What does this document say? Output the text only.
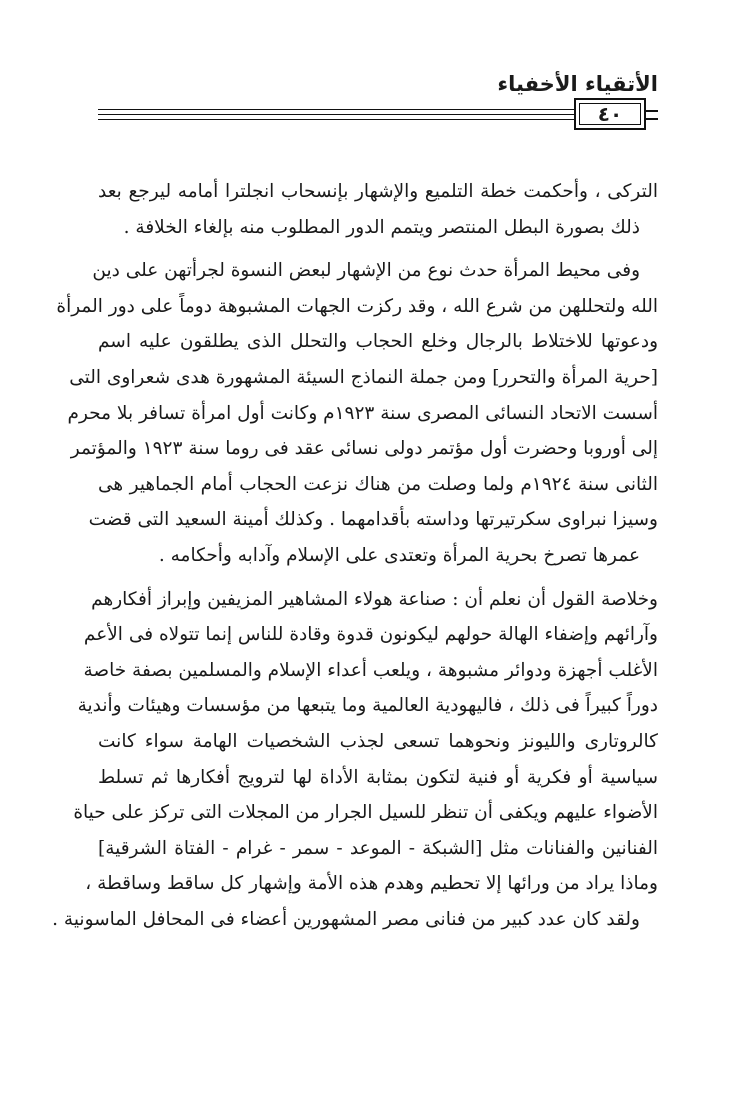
الأتقياء الأخفياء
٤٠
التركى ، وأحكمت خطة التلميع والإشهار بإنسحاب انجلترا أمامه ليرجع بعد
ذلك بصورة البطل المنتصر ويتمم الدور المطلوب منه بإلغاء الخلافة .
وفى محيط المرأة حدث نوع من الإشهار لبعض النسوة لجرأتهن على دين
الله ولتحللهن من شرع الله ، وقد ركزت الجهات المشبوهة دوماً على دور المرأة
ودعوتها للاختلاط بالرجال وخلع الحجاب والتحلل الذى يطلقون عليه اسم
[حرية المرأة والتحرر] ومن جملة النماذج السيئة المشهورة هدى شعراوى التى
أسست الاتحاد النسائى المصرى سنة ١٩٢٣م وكانت أول امرأة تسافر بلا محرم
إلى أوروبا وحضرت أول مؤتمر دولى نسائى عقد فى روما سنة ١٩٢٣ والمؤتمر
الثانى سنة ١٩٢٤م ولما وصلت من هناك نزعت الحجاب أمام الجماهير هى
وسيزا نبراوى سكرتيرتها وداسته بأقدامهما . وكذلك أمينة السعيد التى قضت
عمرها تصرخ بحرية المرأة وتعتدى على الإسلام وآدابه وأحكامه .
وخلاصة القول أن نعلم أن : صناعة هولاء المشاهير المزيفين وإبراز أفكارهم
وآرائهم وإضفاء الهالة حولهم ليكونون قدوة وقادة للناس إنما تتولاه فى الأعم
الأغلب أجهزة ودوائر مشبوهة ، ويلعب أعداء الإسلام والمسلمين بصفة خاصة
دوراً كبيراً فى ذلك ، فاليهودية العالمية وما يتبعها من مؤسسات وهيئات وأندية
كالروتارى والليونز ونحوهما تسعى لجذب الشخصيات الهامة سواء كانت
سياسية أو فكرية أو فنية لتكون بمثابة الأداة لها لترويج أفكارها ثم تسلط
الأضواء عليهم ويكفى أن تنظر للسيل الجرار من المجلات التى تركز على حياة
الفنانين والفنانات مثل [الشبكة - الموعد - سمر - غرام - الفتاة الشرقية]
وماذا يراد من ورائها إلا تحطيم وهدم هذه الأمة وإشهار كل ساقط وساقطة ،
ولقد كان عدد كبير من فنانى مصر المشهورين أعضاء فى المحافل الماسونية .
